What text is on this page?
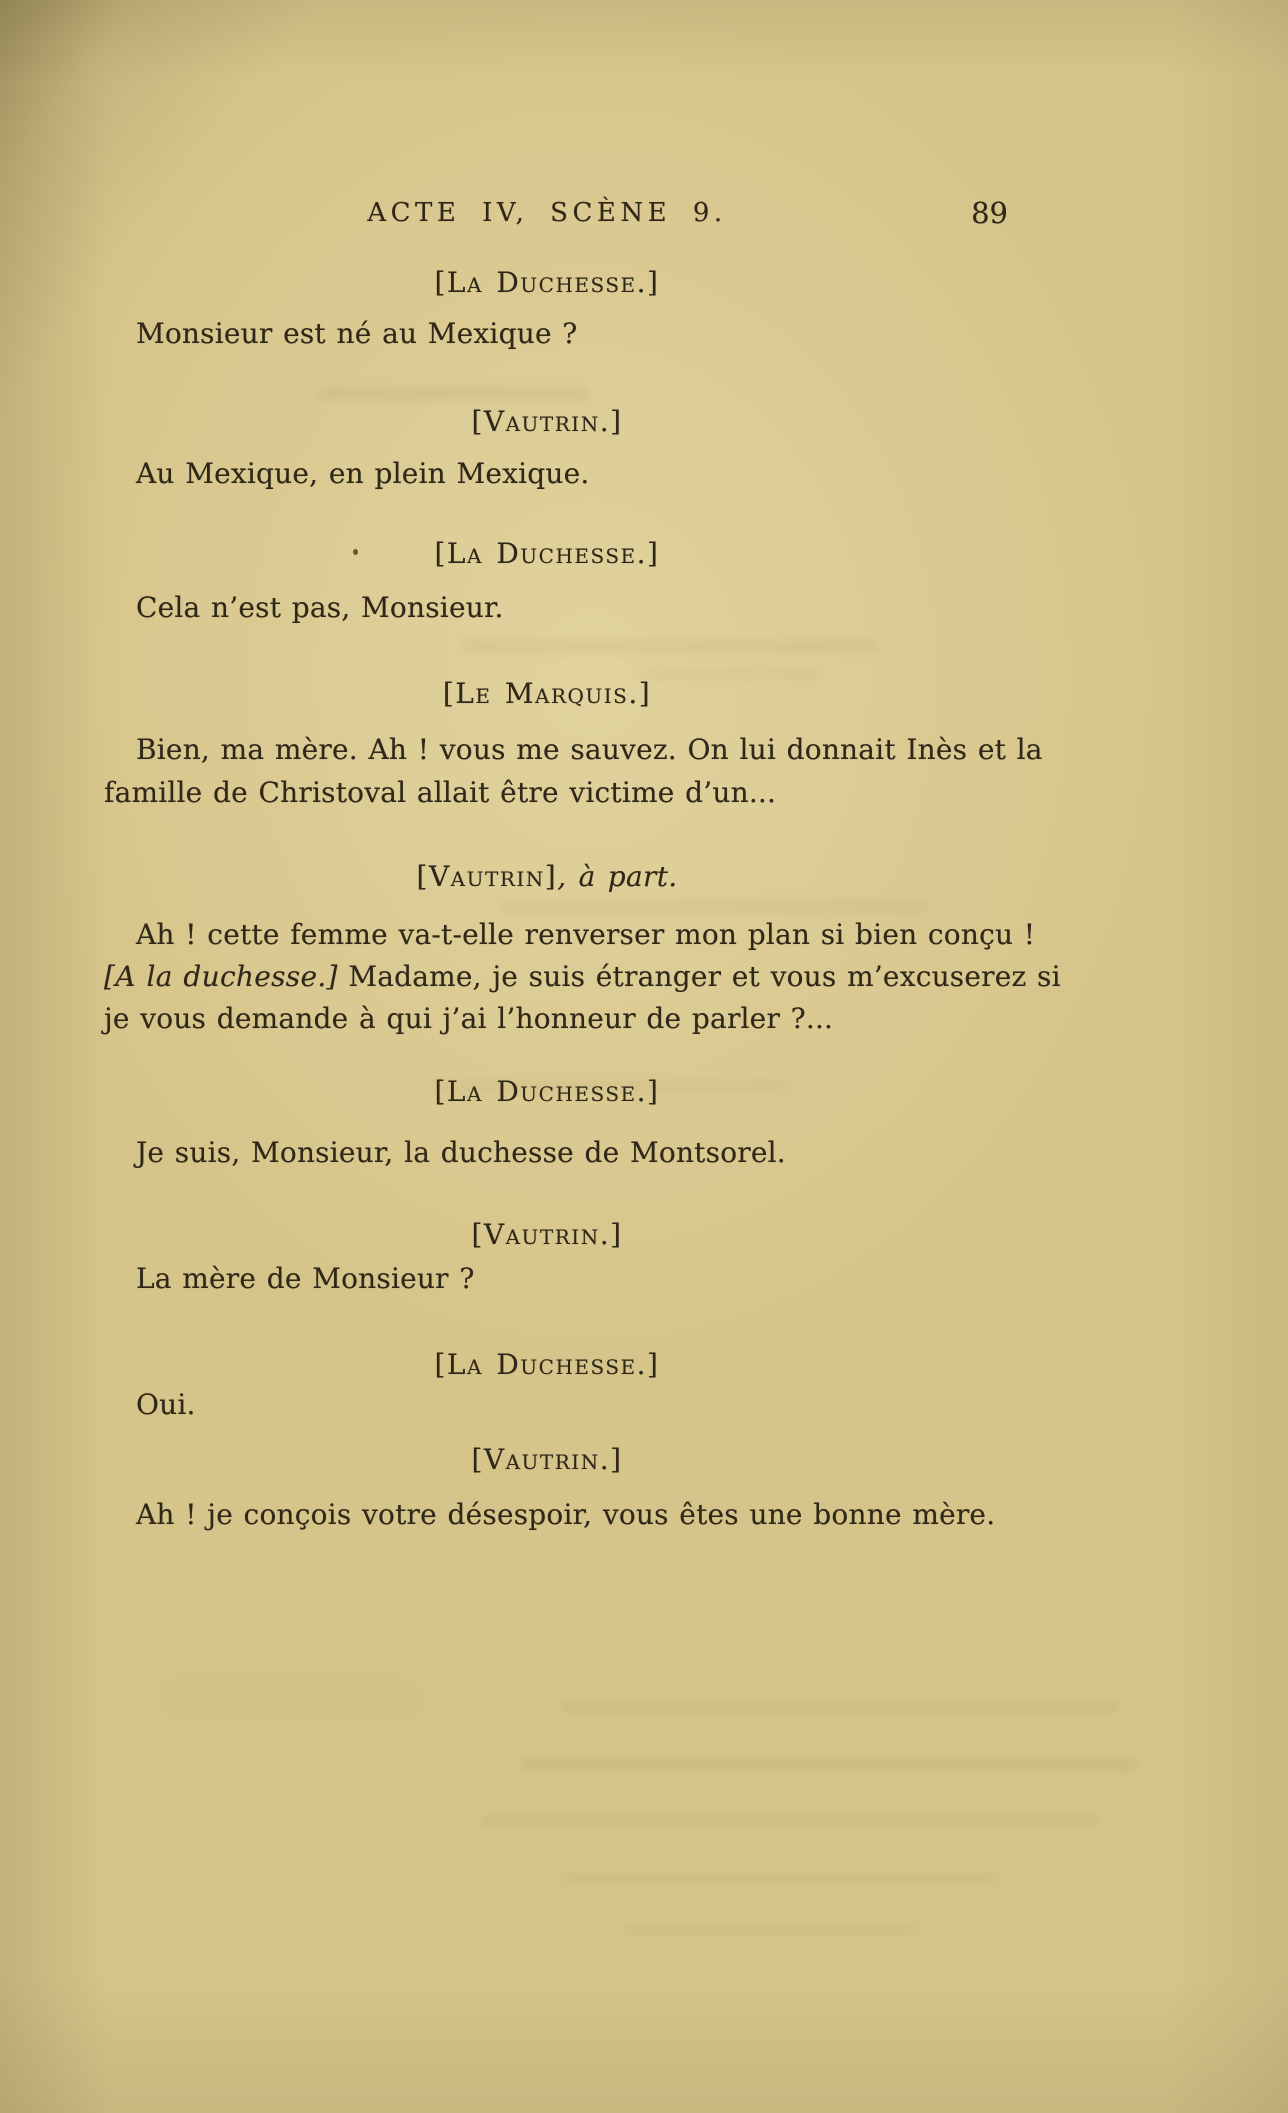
ACTE IV, SCÈNE 9.	89
[La Duchesse.]
Monsieur est né au Mexique ?
[Vautrin.]
Au Mexique, en plein Mexique.
[La Duchesse.]
Cela n’est pas, Monsieur.
[Le Marquis.]
Bien, ma mère. Ah ! vous me sauvez. On lui donnait Inès et la
famille de Christoval allait être victime d’un...
[Vautrin], à part.
Ah ! cette femme va-t-elle renverser mon plan si bien conçu !
[A la duchesse.] Madame, je suis étranger et vous m’excuserez si
je vous demande à qui j’ai l’honneur de parler ?...
[La Duchesse.]
Je suis, Monsieur, la duchesse de Montsorel.
[Vautrin.]
La mère de Monsieur ?
[La Duchesse.]
Oui.
[Vautrin.]
Ah ! je conçois votre désespoir, vous êtes une bonne mère.
